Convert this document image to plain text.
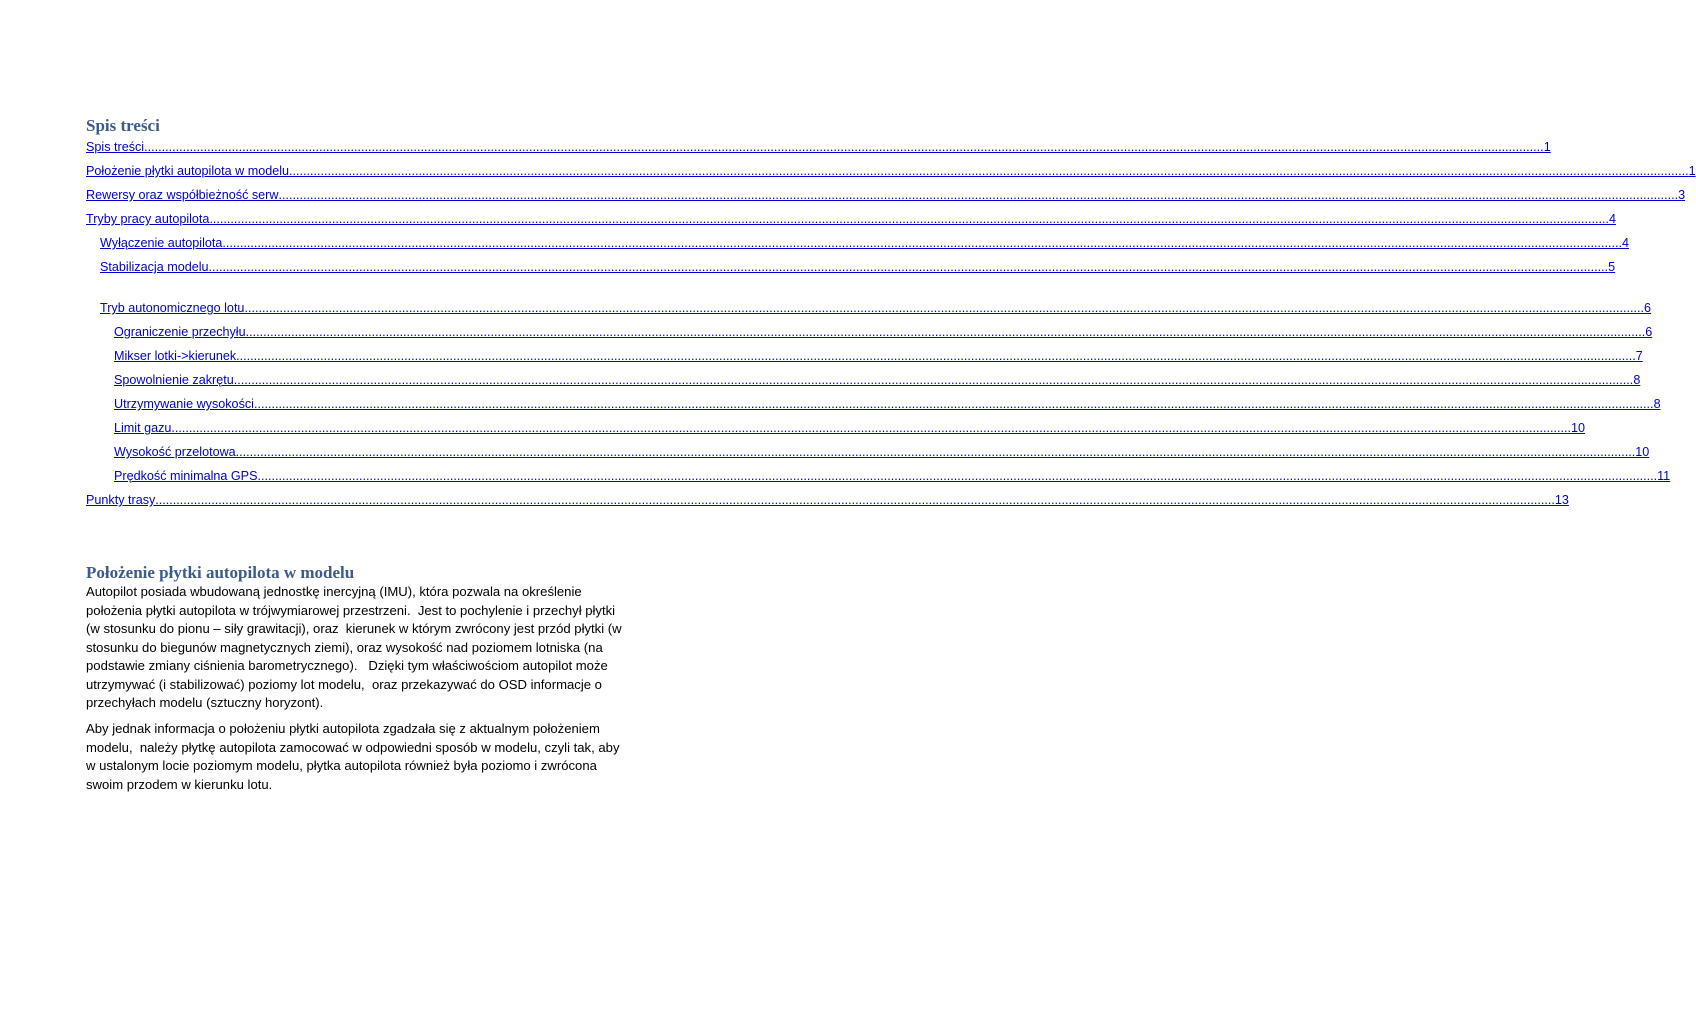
Spis treści
Spis treści ................................................................................................................................................................................................................................................................................................................................................................................................................ 1
Położenie płytki autopilota w modelu ................................................................................................................................................................................................................................................................................................................................................................................................................ 1
Rewersy oraz współbieżność serw ................................................................................................................................................................................................................................................................................................................................................................................................................ 3
Tryby pracy autopilota ................................................................................................................................................................................................................................................................................................................................................................................................................ 4
Wyłączenie autopilota ................................................................................................................................................................................................................................................................................................................................................................................................................ 4
Stabilizacja modelu ................................................................................................................................................................................................................................................................................................................................................................................................................ 5
Tryb autonomicznego lotu ................................................................................................................................................................................................................................................................................................................................................................................................................ 6
Ograniczenie przechyłu ................................................................................................................................................................................................................................................................................................................................................................................................................ 6
Mikser lotki->kierunek ................................................................................................................................................................................................................................................................................................................................................................................................................ 7
Spowolnienie zakrętu ................................................................................................................................................................................................................................................................................................................................................................................................................ 8
Utrzymywanie wysokości ................................................................................................................................................................................................................................................................................................................................................................................................................ 8
Limit gazu ................................................................................................................................................................................................................................................................................................................................................................................................................ 10
Wysokość przelotowa ................................................................................................................................................................................................................................................................................................................................................................................................................ 10
Prędkość minimalna GPS ................................................................................................................................................................................................................................................................................................................................................................................................................ 11
Punkty trasy ................................................................................................................................................................................................................................................................................................................................................................................................................ 13
Położenie płytki autopilota w modelu

Autopilot posiada wbudowaną jednostkę inercyjną (IMU), która pozwala na określenie
położenia płytki autopilota w trójwymiarowej przestrzeni.  Jest to pochylenie i przechył płytki
(w stosunku do pionu – siły grawitacji), oraz  kierunek w którym zwrócony jest przód płytki (w
stosunku do biegunów magnetycznych ziemi), oraz wysokość nad poziomem lotniska (na
podstawie zmiany ciśnienia barometrycznego).   Dzięki tym właściwościom autopilot może
utrzymywać (i stabilizować) poziomy lot modelu,  oraz przekazywać do OSD informacje o
przechyłach modelu (sztuczny horyzont).

Aby jednak informacja o położeniu płytki autopilota zgadzała się z aktualnym położeniem
modelu,  należy płytkę autopilota zamocować w odpowiedni sposób w modelu, czyli tak, aby
w ustalonym locie poziomym modelu, płytka autopilota również była poziomo i zwrócona
swoim przodem w kierunku lotu.
